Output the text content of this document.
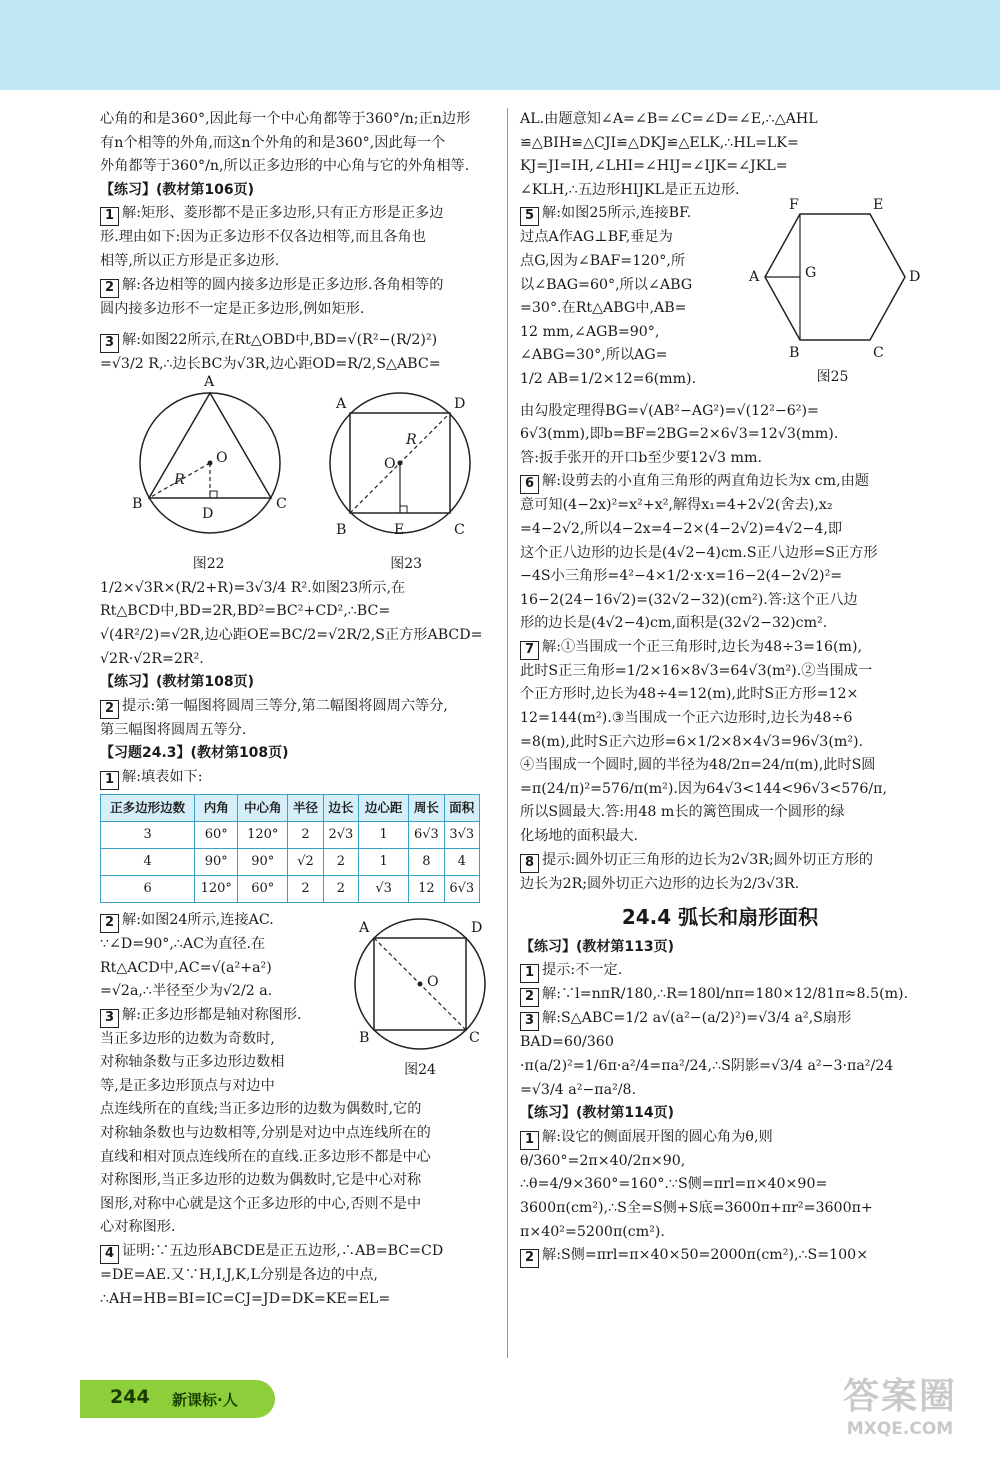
心角的和是360°,因此每一个中心角都等于360°/n;正n边形

有n个相等的外角,而这n个外角的和是360°,因此每一个

外角都等于360°/n,所以正多边形的中心角与它的外角相等.

【练习】(教材第106页)

1 解:矩形、菱形都不是正多边形,只有正方形是正多边

形.理由如下:因为正多边形不仅各边相等,而且各角也

相等,所以正方形是正多边形.

2 解:各边相等的圆内接多边形是正多边形.各角相等的

圆内接多边形不一定是正多边形,例如矩形.

3 解:如图22所示,在Rt△OBD中,BD=√(R²−(R/2)²)

=√3/2 R,∴边长BC为√3R,边心距OD=R/2,S△ABC=

A
B	C
D
O
R
A	D
B	C
E
O
R
图22	图23

1/2×√3R×(R/2+R)=3√3/4 R².如图23所示,在

Rt△BCD中,BD=2R,BD²=BC²+CD²,∴BC=

√(4R²/2)=√2R,边心距OE=BC/2=√2R/2,S正方形ABCD=

√2R·√2R=2R².

【练习】(教材第108页)

2 提示:第一幅图将圆周三等分,第二幅图将圆周六等分,

第三幅图将圆周五等分.

【习题24.3】(教材第108页)

1 解:填表如下:

正多边形边数	内角	中心角	半径	边长	边心距	周长	面积
3	60°	120°	2	2√3	1	6√3	3√3
4	90°	90°	√2	2	1	8	4
6	120°	60°	2	2	√3	12	6√3

2 解:如图24所示,连接AC.

∵∠D=90°,∴AC为直径.在

Rt△ACD中,AC=√(a²+a²)

=√2a,∴半径至少为√2/2 a.

3 解:正多边形都是轴对称图形.

当正多边形的边数为奇数时,

对称轴条数与正多边形边数相

等,是正多边形顶点与对边中

A	D
B	C
O
图24

点连线所在的直线;当正多边形的边数为偶数时,它的

对称轴条数也与边数相等,分别是对边中点连线所在的

直线和相对顶点连线所在的直线.正多边形不都是中心

对称图形,当正多边形的边数为偶数时,它是中心对称

图形,对称中心就是这个正多边形的中心,否则不是中

心对称图形.

4 证明:∵五边形ABCDE是正五边形,∴AB=BC=CD

=DE=AE.又∵H,I,J,K,L分别是各边的中点,

∴AH=HB=BI=IC=CJ=JD=DK=KE=EL=

AL.由题意知∠A=∠B=∠C=∠D=∠E,∴△AHL

≌△BIH≌△CJI≌△DKJ≌△ELK,∴HL=LK=

KJ=JI=IH,∠LHI=∠HIJ=∠IJK=∠JKL=

∠KLH,∴五边形HIJKL是正五边形.

5 解:如图25所示,连接BF.

过点A作AG⊥BF,垂足为

点G,因为∠BAF=120°,所

以∠BAG=60°,所以∠ABG

=30°.在Rt△ABG中,AB=

12 mm,∠AGB=90°,

∠ABG=30°,所以AG=

1/2 AB=1/2×12=6(mm).

F	E
A	G	D
B	C
图25

由勾股定理得BG=√(AB²−AG²)=√(12²−6²)=

6√3(mm),即b=BF=2BG=2×6√3=12√3(mm).

答:扳手张开的开口b至少要12√3 mm.

6 解:设剪去的小直角三角形的两直角边长为x cm,由题

意可知(4−2x)²=x²+x²,解得x₁=4+2√2(舍去),x₂

=4−2√2,所以4−2x=4−2×(4−2√2)=4√2−4,即

这个正八边形的边长是(4√2−4)cm.S正八边形=S正方形

−4S小三角形=4²−4×1/2·x·x=16−2(4−2√2)²=

16−2(24−16√2)=(32√2−32)(cm²).答:这个正八边

形的边长是(4√2−4)cm,面积是(32√2−32)cm².

7 解:①当围成一个正三角形时,边长为48÷3=16(m),

此时S正三角形=1/2×16×8√3=64√3(m²).②当围成一

个正方形时,边长为48÷4=12(m),此时S正方形=12×

12=144(m²).③当围成一个正六边形时,边长为48÷6

=8(m),此时S正六边形=6×1/2×8×4√3=96√3(m²).

④当围成一个圆时,圆的半径为48/2π=24/π(m),此时S圆

=π(24/π)²=576/π(m²).因为64√3<144<96√3<576/π,

所以S圆最大.答:用48 m长的篱笆围成一个圆形的绿

化场地的面积最大.

8 提示:圆外切正三角形的边长为2√3R;圆外切正方形的

边长为2R;圆外切正六边形的边长为2/3√3R.

24.4 弧长和扇形面积

【练习】(教材第113页)

1 提示:不一定.

2 解:∵l=nπR/180,∴R=180l/nπ=180×12/81π≈8.5(m).

3 解:S△ABC=1/2 a√(a²−(a/2)²)=√3/4 a²,S扇形BAD=60/360

·π(a/2)²=1/6π·a²/4=πa²/24,∴S阴影=√3/4 a²−3·πa²/24

=√3/4 a²−πa²/8.

【练习】(教材第114页)

1 解:设它的侧面展开图的圆心角为θ,则θ/360°=2π×40/2π×90,

∴θ=4/9×360°=160°.∵S侧=πrl=π×40×90=

3600π(cm²),∴S全=S侧+S底=3600π+πr²=3600π+

π×40²=5200π(cm²).

2 解:S侧=πrl=π×40×50=2000π(cm²),∴S=100×

244 新课标·人	答案圈
MXQE.COM
